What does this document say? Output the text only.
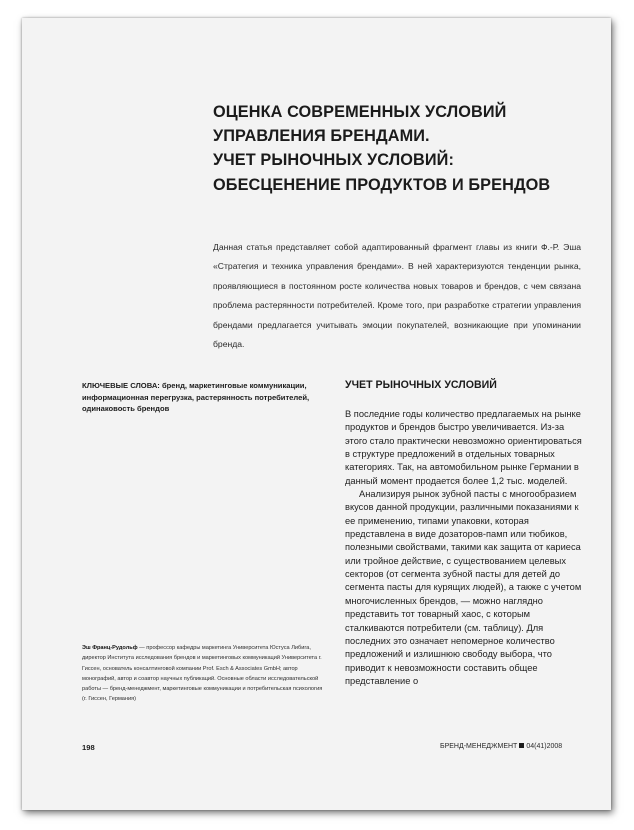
ОЦЕНКА СОВРЕМЕННЫХ УСЛОВИЙ
УПРАВЛЕНИЯ БРЕНДАМИ.
УЧЕТ РЫНОЧНЫХ УСЛОВИЙ:
ОБЕСЦЕНЕНИЕ ПРОДУКТОВ И БРЕНДОВ

Данная статья представляет собой адаптированный фрагмент главы из книги Ф.-Р. Эша «Стратегия и техника управления брендами». В ней характеризуются тенденции рынка, проявляющиеся в постоянном росте количества новых товаров и брендов, с чем связана проблема растерянности потребителей. Кроме того, при разработке стратегии управления брендами предлагается учитывать эмоции покупателей, возникающие при упоминании бренда.

КЛЮЧЕВЫЕ СЛОВА: бренд, маркетинговые коммуникации, информационная перегрузка, растерянность потребителей, одинаковость брендов

УЧЕТ РЫНОЧНЫХ УСЛОВИЙ

В последние годы количество предлагаемых на рынке продуктов и брендов быстро увеличивается. Из-за этого стало практически невозможно ориентироваться в структуре предложений в отдельных товарных категориях. Так, на автомобильном рынке Германии в данный момент продается более 1,2 тыс. моделей.

Анализируя рынок зубной пасты с многообразием вкусов данной продукции, различными показаниями к ее применению, типами упаковки, которая представлена в виде дозаторов-памп или тюбиков, полезными свойствами, такими как защита от кариеса или тройное действие, с существованием целевых секторов (от сегмента зубной пасты для детей до сегмента пасты для курящих людей), а также с учетом многочисленных брендов, — можно наглядно представить тот товарный хаос, с которым сталкиваются потребители (см. таблицу). Для последних это означает непомерное количество предложений и излишнюю свободу выбора, что приводит к невозможности составить общее представление о

Эш Франц-Рудольф — профессор кафедры маркетинга Университета Юстуса Либига, директор Института исследования брендов и маркетинговых коммуникаций Университета г. Гиссен, основатель консалтинговой компании Prof. Esch & Associates GmbH; автор монографий, автор и соавтор научных публикаций. Основные области исследовательской работы — бренд-менеджмент, маркетинговые коммуникации и потребительская психология (г. Гиссен, Германия)

198	БРЕНД-МЕНЕДЖМЕНТ 04(41)2008
